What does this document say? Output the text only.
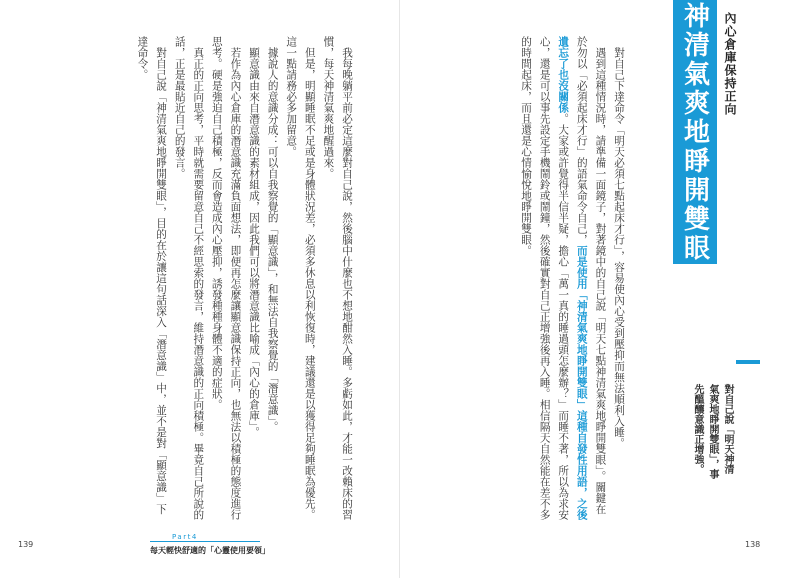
我每晚躺平前必定這麼對自己說，然後腦中什麼也不想地酣然入睡。多虧如此，才能一改賴床的習慣，每天神清氣爽地醒過來。

但是，明顯睡眠不足或是身體狀況差，必須多休息以利恢復時，建議還是以獲得足夠睡眠為優先。這一點請務必多加留意。

據說人的意識分成：可以自我察覺的「顯意識」，和無法自我察覺的「潛意識」。

顯意識由來自潛意識的素材組成，因此我們可以將潛意識比喻成「內心的倉庫」。

若作為內心倉庫的潛意識充滿負面想法，即便再怎麼讓顯意識保持正向，也無法以積極的態度進行思考。硬是強迫自己積極，反而會造成內心壓抑，誘發種種身體不適的症狀。

真正的正向思考，平時就需要留意自己不經思索的發言，維持潛意識的正向積極。畢竟自己所說的話，正是最貼近自己的發言。

對自己說「神清氣爽地睜開雙眼」，目的在於讓這句話深入「潛意識」中，並不是對「顯意識」下達命令。

139
Part4
每天輕快舒適的「心靈使用要領」

對自己下達命令「明天必須七點起床才行」，容易使內心受到壓抑而無法順利入睡。

遇到這種情況時，請準備一面鏡子，對著鏡中的自己說「明天七點神清氣爽地睜開雙眼」。關鍵在於勿以「必須起床才行」的語氣命令自己，而是使用「神清氣爽地睜開雙眼」這種自發性用語，之後遺忘了也沒關係。大家或許覺得半信半疑，擔心「萬一真的睡過頭怎麼辦？」而睡不著，所以為求安心，還是可以事先設定手機鬧鈴或鬧鐘，然後確實對自己正增強後再入睡。相信隔天自然能在差不多的時間起床，而且還是心情愉悅地睜開雙眼。	神清氣爽地睜開雙眼	內心倉庫保持正向
對自己說「明天神清氣爽地睜開雙眼」，事先醞釀意識正增強。
138
